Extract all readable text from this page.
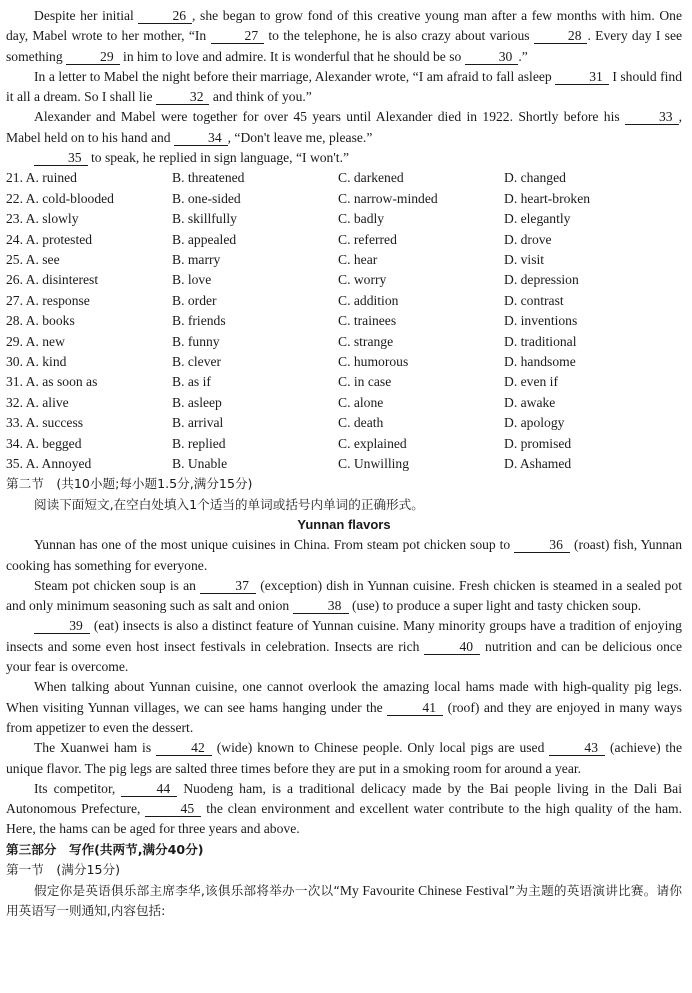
Despite her initial	26 , she began to grow fond of this creative young man after a few months with him. One day, Mabel wrote to her mother, “In	27 to the telephone, he is also crazy about various	28 . Every day I see something	29 in him to love and admire. It is wonderful that he should be so	30 .”

In a letter to Mabel the night before their marriage, Alexander wrote, “I am afraid to fall asleep	31 I should find it all a dream. So I shall lie	32 and think of you.”

Alexander and Mabel were together for over 45 years until Alexander died in 1922. Shortly before his	33 , Mabel held on to his hand and	34 , “Don't leave me, please.”

35 to speak, he replied in sign language, “I won't.”

21. A. ruined	B. threatened	C. darkened	D. changed
22. A. cold-blooded	B. one-sided	C. narrow-minded	D. heart-broken
23. A. slowly	B. skillfully	C. badly	D. elegantly
24. A. protested	B. appealed	C. referred	D. drove
25. A. see	B. marry	C. hear	D. visit
26. A. disinterest	B. love	C. worry	D. depression
27. A. response	B. order	C. addition	D. contrast
28. A. books	B. friends	C. trainees	D. inventions
29. A. new	B. funny	C. strange	D. traditional
30. A. kind	B. clever	C. humorous	D. handsome
31. A. as soon as	B. as if	C. in case	D. even if
32. A. alive	B. asleep	C. alone	D. awake
33. A. success	B. arrival	C. death	D. apology
34. A. begged	B. replied	C. explained	D. promised
35. A. Annoyed	B. Unable	C. Unwilling	D. Ashamed

第二节　(共10小题;每小题1.5分,满分15分)

阅读下面短文,在空白处填入1个适当的单词或括号内单词的正确形式。

Yunnan flavors

Yunnan has one of the most unique cuisines in China. From steam pot chicken soup to	36 (roast) fish, Yunnan cooking has something for everyone.

Steam pot chicken soup is an	37 (exception) dish in Yunnan cuisine. Fresh chicken is steamed in a sealed pot and only minimum seasoning such as salt and onion	38 (use) to produce a super light and tasty chicken soup.

39 (eat) insects is also a distinct feature of Yunnan cuisine. Many minority groups have a tradition of enjoying insects and some even host insect festivals in celebration. Insects are rich	40 nutrition and can be delicious once your fear is overcome.

When talking about Yunnan cuisine, one cannot overlook the amazing local hams made with high-quality pig legs. When visiting Yunnan villages, we can see hams hanging under the	41 (roof) and they are enjoyed in many ways from appetizer to even the dessert.

The Xuanwei ham is	42 (wide) known to Chinese people. Only local pigs are used	43 (achieve) the unique flavor. The pig legs are salted three times before they are put in a smoking room for around a year.

Its competitor,	44 Nuodeng ham, is a traditional delicacy made by the Bai people living in the Dali Bai Autonomous Prefecture,	45 the clean environment and excellent water contribute to the high quality of the ham. Here, the hams can be aged for three years and above.

第三部分　写作(共两节,满分40分)

第一节　(满分15分)

假定你是英语俱乐部主席李华,该俱乐部将举办一次以“My Favourite Chinese Festival”为主题的英语演讲比赛。请你用英语写一则通知,内容包括:
